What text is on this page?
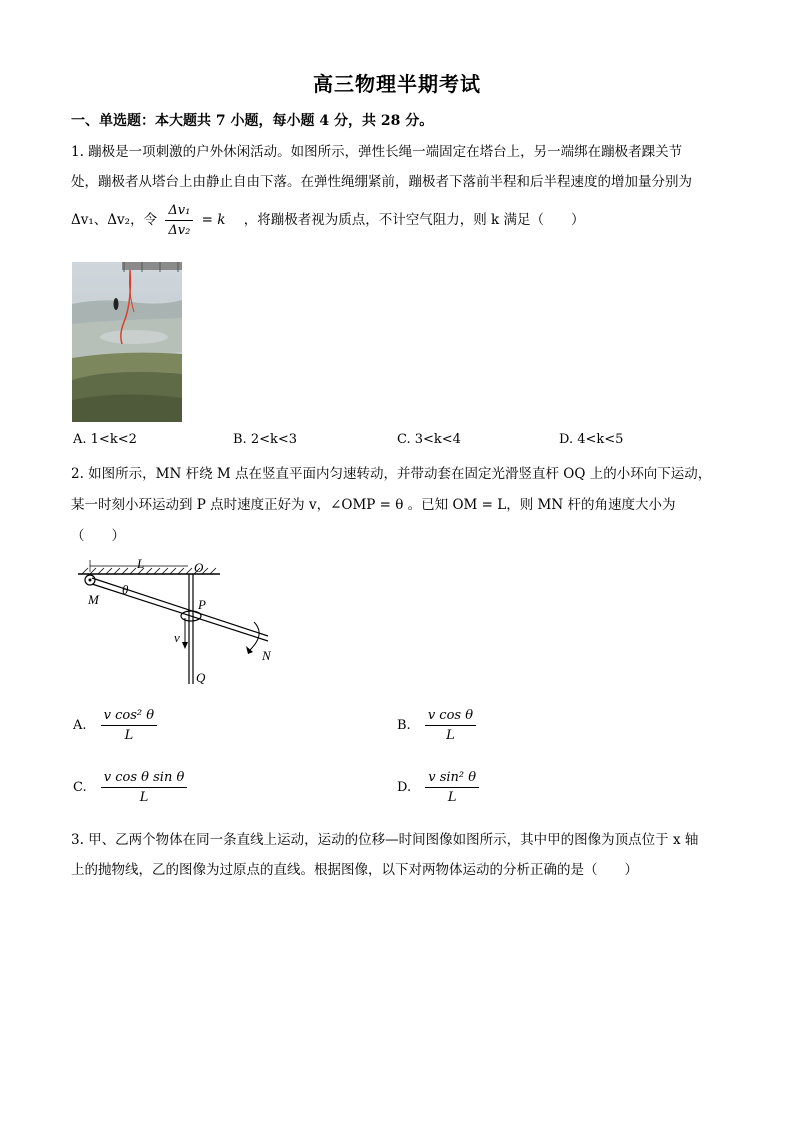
高三物理半期考试
一、单选题：本大题共 7 小题，每小题 4 分，共 28 分。
1. 蹦极是一项刺激的户外休闲活动。如图所示，弹性长绳一端固定在塔台上，另一端绑在蹦极者踝关节
处，蹦极者从塔台上由静止自由下落。在弹性绳绷紧前，蹦极者下落前半程和后半程速度的增加量分别为
Δv₁、Δv₂，令 $\frac{\text{Δv₁}}{\text{Δv₂}} = k$ ，将蹦极者视为质点，不计空气阻力，则 k 满足（　　）
A. 1<k<2	B. 2<k<3	C. 3<k<4	D. 4<k<5
2. 如图所示，MN 杆绕 M 点在竖直平面内匀速转动，并带动套在固定光滑竖直杆 OQ 上的小环向下运动，
某一时刻小环运动到 P 点时速度正好为 v，∠OMP = θ 。已知 OM = L，则 MN 杆的角速度大小为
（　　）
L	O
M
θ
P
v
N
Q
A. $\frac{\text{v cos² θ}}{L}$	B. $\frac{\text{v cos θ}}{L}$
C. $\frac{\text{v cos θ sin θ}}{L}$	D. $\frac{\text{v sin² θ}}{L}$
3. 甲、乙两个物体在同一条直线上运动，运动的位移—时间图像如图所示，其中甲的图像为顶点位于 x 轴
上的抛物线，乙的图像为过原点的直线。根据图像，以下对两物体运动的分析正确的是（　　）
